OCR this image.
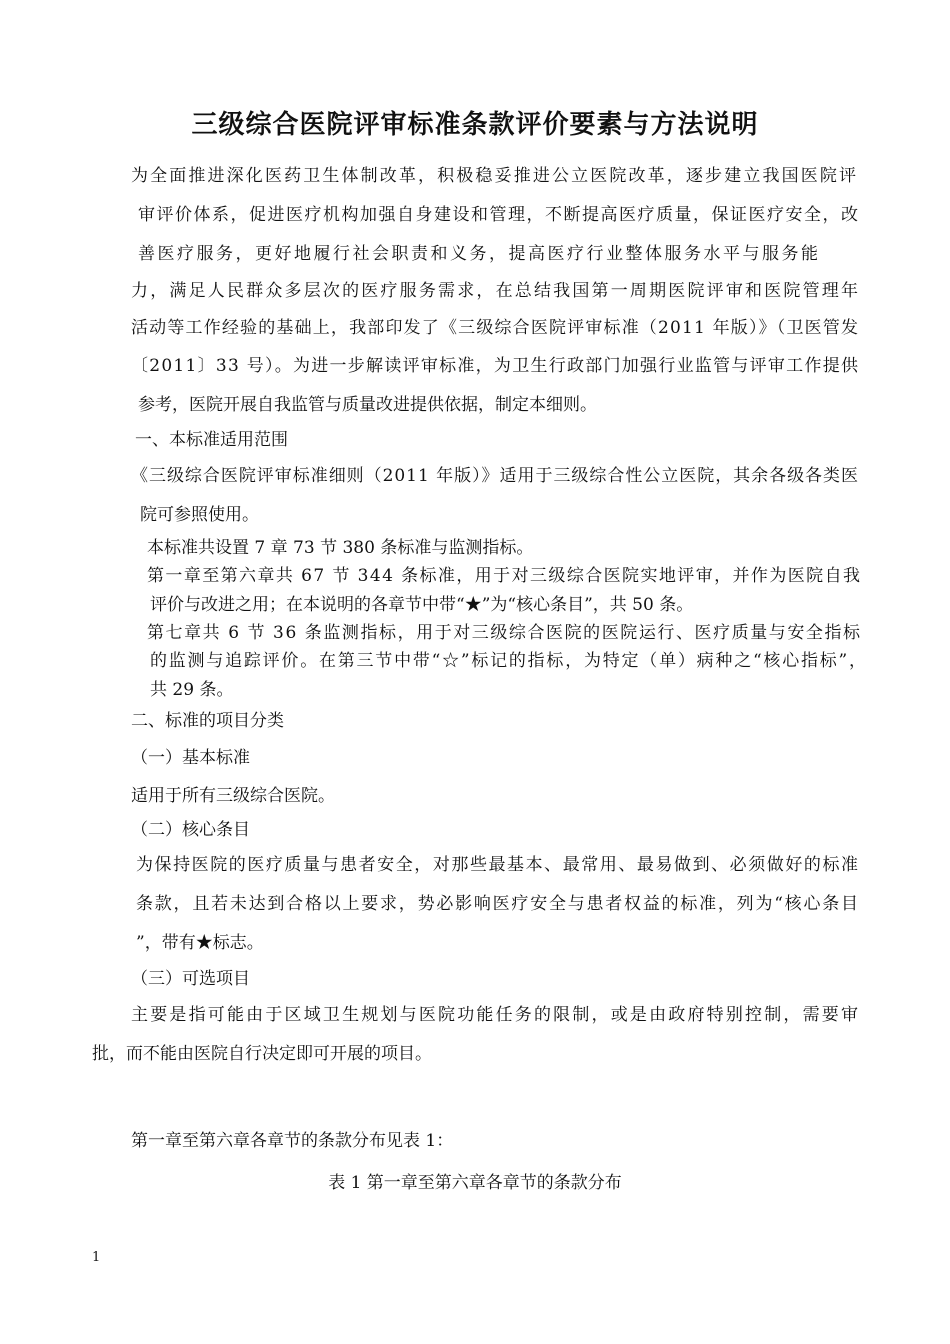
三级综合医院评审标准条款评价要素与方法说明
为全面推进深化医药卫生体制改革，积极稳妥推进公立医院改革，逐步建立我国医院评
审评价体系，促进医疗机构加强自身建设和管理，不断提高医疗质量，保证医疗安全，改
善医疗服务，更好地履行社会职责和义务，提高医疗行业整体服务水平与服务能
力，满足人民群众多层次的医疗服务需求，在总结我国第一周期医院评审和医院管理年
活动等工作经验的基础上，我部印发了《三级综合医院评审标准（2011 年版）》（卫医管发
〔2011〕33 号）。为进一步解读评审标准，为卫生行政部门加强行业监管与评审工作提供
参考，医院开展自我监管与质量改进提供依据，制定本细则。
一、本标准适用范围
《三级综合医院评审标准细则（2011 年版）》适用于三级综合性公立医院，其余各级各类医
院可参照使用。
本标准共设置 7 章 73 节 380 条标准与监测指标。
第一章至第六章共 67 节 344 条标准，用于对三级综合医院实地评审，并作为医院自我
评价与改进之用；在本说明的各章节中带“★”为“核心条目”，共 50 条。
第七章共 6 节 36 条监测指标，用于对三级综合医院的医院运行、医疗质量与安全指标
的监测与追踪评价。在第三节中带“☆”标记的指标，为特定（单）病种之“核心指标”，
共 29 条。
二、标准的项目分类
（一）基本标准
适用于所有三级综合医院。
（二）核心条目
为保持医院的医疗质量与患者安全，对那些最基本、最常用、最易做到、必须做好的标准
条款，且若未达到合格以上要求，势必影响医疗安全与患者权益的标准，列为“核心条目
”，带有★标志。
（三）可选项目
主要是指可能由于区域卫生规划与医院功能任务的限制，或是由政府特别控制，需要审
批，而不能由医院自行决定即可开展的项目。
第一章至第六章各章节的条款分布见表 1：
表 1 第一章至第六章各章节的条款分布
1
